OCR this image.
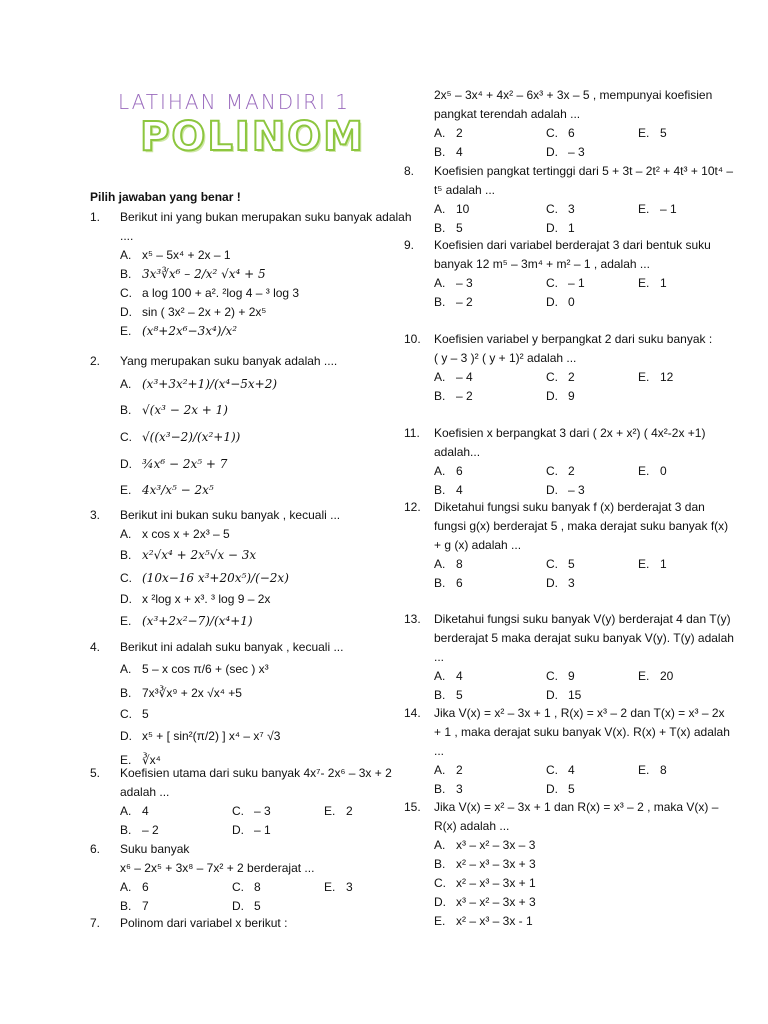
LATIHAN MANDIRI 1
POLINOM
Pilih jawaban yang benar !
1.	Berikut ini yang bukan merupakan suku banyak adalah ....
A. x⁵ – 5x⁴ + 2x – 1
B. 3x³∛x⁶ – 2/x² √x⁴ + 5
C. a log 100 + a². ²log 4 – ³ log 3
D. sin ( 3x² – 2x + 2) + 2x⁵
E. (x⁸+2x⁶−3x⁴)/x²
2.	Yang merupakan suku banyak adalah ....
A. (x³+3x²+1)/(x⁴−5x+2)
B. √(x³ − 2x + 1)
C. √((x³−2)/(x²+1))
D. ¾x⁶ − 2x⁵ + 7
E. 4x³/x⁵ − 2x⁵
3.	Berikut ini bukan suku banyak , kecuali ...
A. x cos x + 2x³ – 5
B. x²√x⁴ + 2x⁵√x − 3x
C. (10x−16 x³+20x⁵)/(−2x)
D. x ²log x + x³. ³ log 9 – 2x
E. (x³+2x²−7)/(x⁴+1)
4.	Berikut ini adalah suku banyak , kecuali ...
A. 5 – x cos π/6 + (sec ) x³
B. 7x³∛x⁹ + 2x √x⁴ +5
C. 5
D. x⁵ + [ sin²(π/2) ] x⁴ – x⁷ √3
E. ∛x⁴
5.	Koefisien utama dari suku banyak 4x⁷- 2x⁶ – 3x + 2 adalah ...
A. 4	C. – 3	E. 2
B. – 2	D. – 1
6.	Suku banyak
x⁶ – 2x⁵ + 3x⁸ – 7x² + 2 berderajat ...
A. 6	C. 8	E. 3
B. 7	D. 5
7.	Polinom dari variabel x berikut :
2x⁵ – 3x⁴ + 4x² – 6x³ + 3x – 5 , mempunyai koefisien pangkat terendah adalah ...
A. 2	C. 6	E. 5
B. 4	D. – 3
8.	Koefisien pangkat tertinggi dari 5 + 3t – 2t² + 4t³ + 10t⁴ – t⁵ adalah ...
A. 10	C. 3	E. – 1
B. 5	D. 1
9.	Koefisien dari variabel berderajat 3 dari bentuk suku banyak 12 m⁵ – 3m⁴ + m² – 1 , adalah ...
A. – 3	C. – 1	E. 1
B. – 2	D. 0
10.	Koefisien variabel y berpangkat 2 dari suku banyak :
( y – 3 )² ( y + 1)² adalah ...
A. – 4	C. 2	E. 12
B. – 2	D. 9
11.	Koefisien x berpangkat 3 dari ( 2x + x²) ( 4x²-2x +1) adalah...
A. 6	C. 2	E. 0
B. 4	D. – 3
12.	Diketahui fungsi suku banyak f (x) berderajat 3 dan fungsi g(x) berderajat 5 , maka derajat suku banyak f(x) + g (x) adalah ...
A. 8	C. 5	E. 1
B. 6	D. 3
13.	Diketahui fungsi suku banyak V(y) berderajat 4 dan T(y) berderajat 5 maka derajat suku banyak V(y). T(y) adalah ...
A. 4	C. 9	E. 20
B. 5	D. 15
14.	Jika V(x) = x² – 3x + 1 , R(x) = x³ – 2 dan T(x) = x³ – 2x + 1 , maka derajat suku banyak V(x). R(x) + T(x) adalah ...
A. 2	C. 4	E. 8
B. 3	D. 5
15.	Jika V(x) = x² – 3x + 1 dan R(x) = x³ – 2 , maka V(x) – R(x) adalah ...
A. x³ – x² – 3x – 3
B. x² – x³ – 3x + 3
C. x² – x³ – 3x + 1
D. x³ – x² – 3x + 3
E. x² – x³ – 3x - 1
